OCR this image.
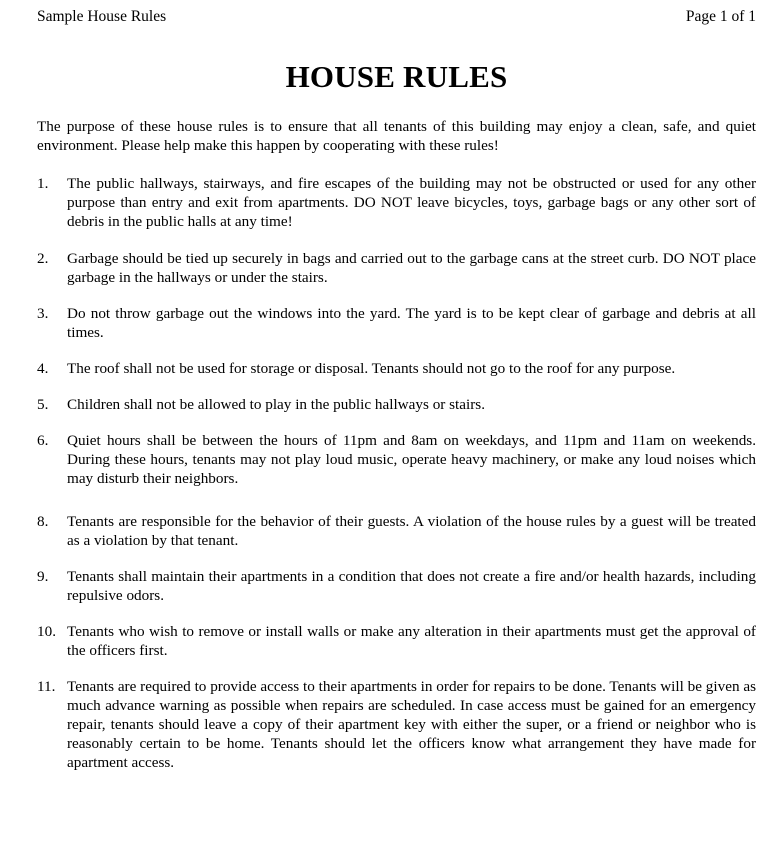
Sample House Rules	Page 1 of 1
HOUSE RULES

The purpose of these house rules is to ensure that all tenants of this building may enjoy a clean, safe, and quiet environment. Please help make this happen by cooperating with these rules!

1.	The public hallways, stairways, and fire escapes of the building may not be obstructed or used for any other purpose than entry and exit from apartments. DO NOT leave bicycles, toys, garbage bags or any other sort of debris in the public halls at any time!
2.	Garbage should be tied up securely in bags and carried out to the garbage cans at the street curb. DO NOT place garbage in the hallways or under the stairs.
3.	Do not throw garbage out the windows into the yard. The yard is to be kept clear of garbage and debris at all times.
4.	The roof shall not be used for storage or disposal. Tenants should not go to the roof for any purpose.
5.	Children shall not be allowed to play in the public hallways or stairs.
6.	Quiet hours shall be between the hours of 11pm and 8am on weekdays, and 11pm and 11am on weekends. During these hours, tenants may not play loud music, operate heavy machinery, or make any loud noises which may disturb their neighbors.
8.	Tenants are responsible for the behavior of their guests. A violation of the house rules by a guest will be treated as a violation by that tenant.
9.	Tenants shall maintain their apartments in a condition that does not create a fire and/or health hazards, including repulsive odors.
10. Tenants who wish to remove or install walls or make any alteration in their apartments must get the approval of the officers first.
11. Tenants are required to provide access to their apartments in order for repairs to be done. Tenants will be given as much advance warning as possible when repairs are scheduled. In case access must be gained for an emergency repair, tenants should leave a copy of their apartment key with either the super, or a friend or neighbor who is reasonably certain to be home. Tenants should let the officers know what arrangement they have made for apartment access.
